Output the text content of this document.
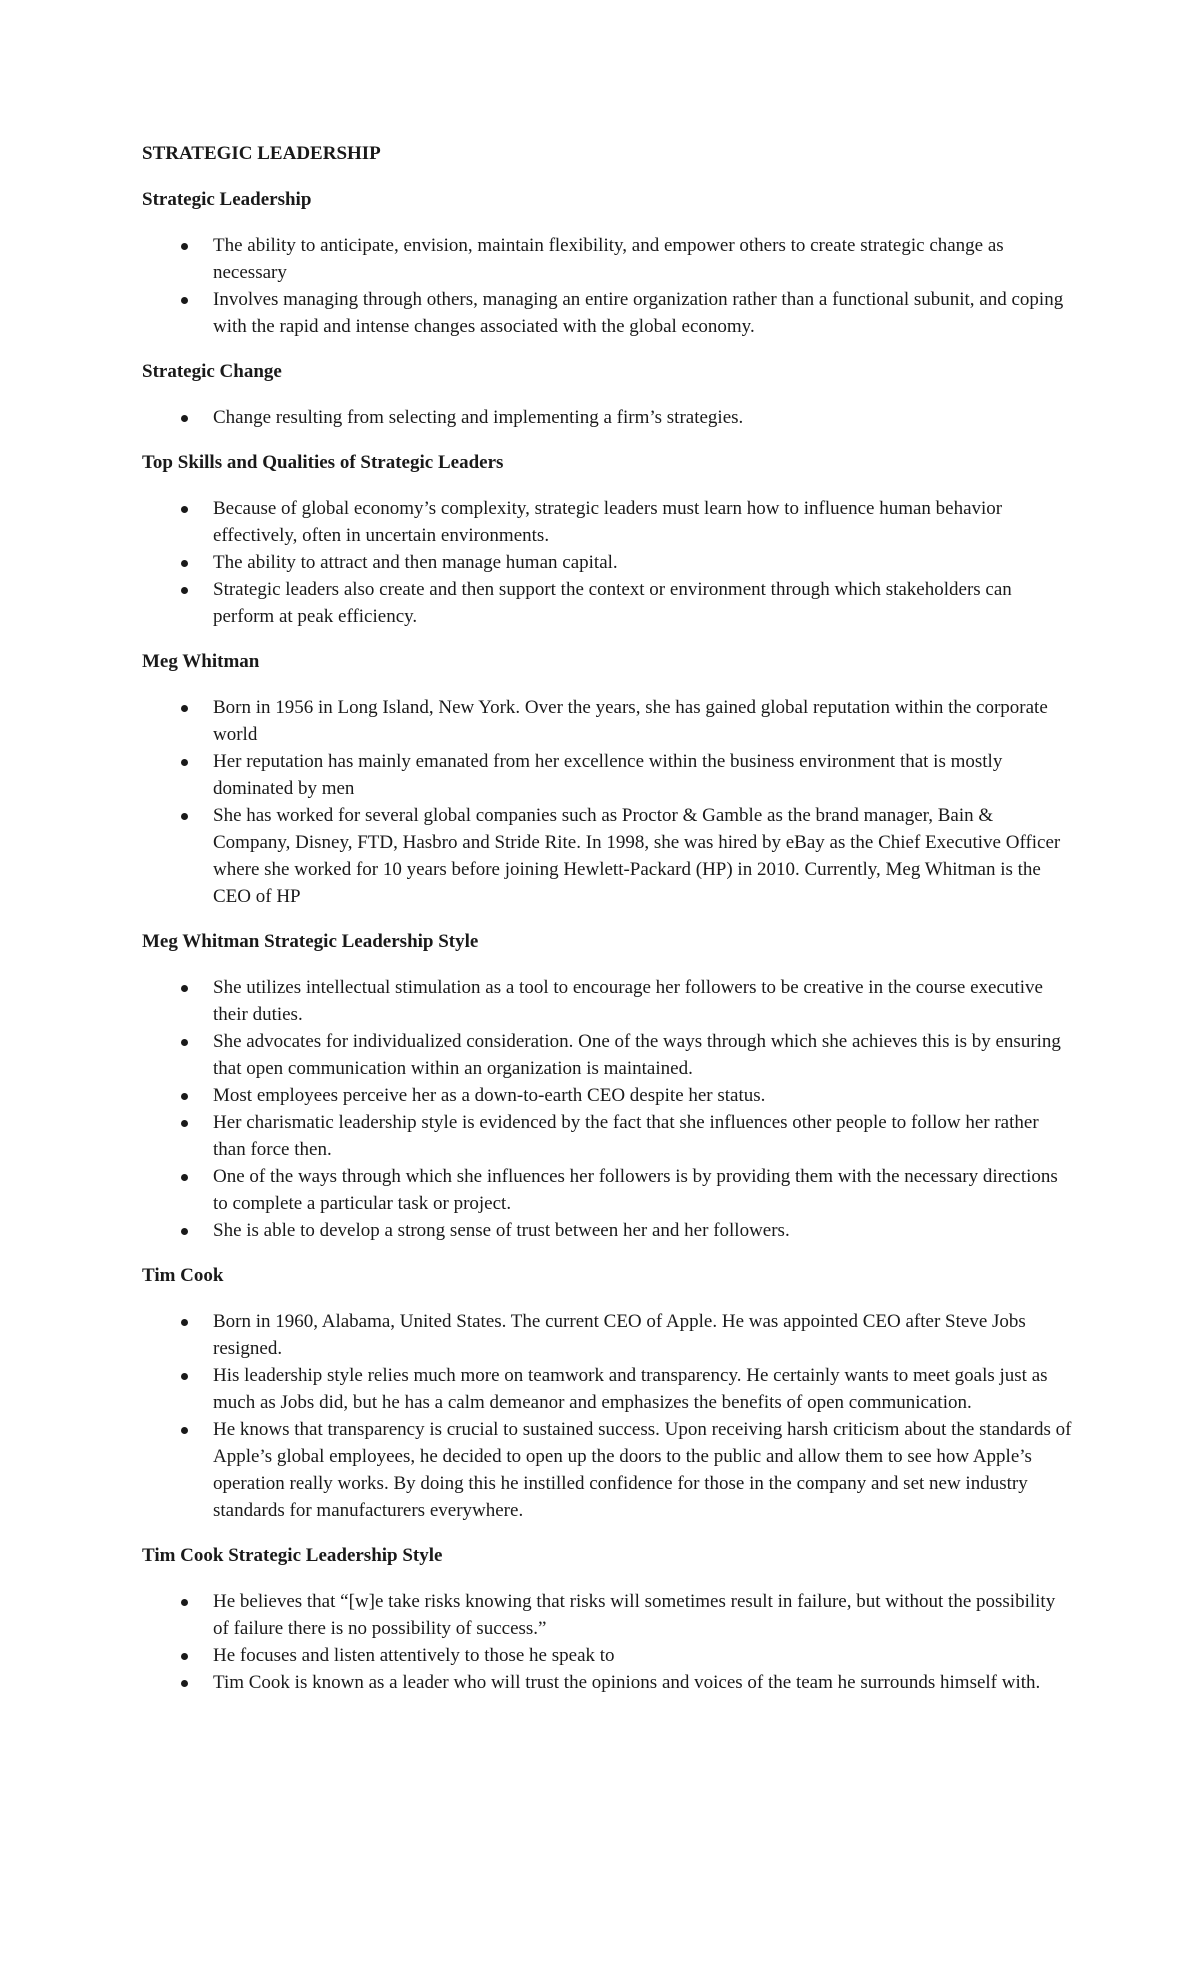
STRATEGIC LEADERSHIP
Strategic Leadership
The ability to anticipate, envision, maintain flexibility, and empower others to create strategic change as necessary
Involves managing through others, managing an entire organization rather than a functional subunit, and coping with the rapid and intense changes associated with the global economy.
Strategic Change
Change resulting from selecting and implementing a firm’s strategies.
Top Skills and Qualities of Strategic Leaders
Because of global economy’s complexity, strategic leaders must learn how to influence human behavior effectively, often in uncertain environments.
The ability to attract and then manage human capital.
Strategic leaders also create and then support the context or environment through which stakeholders can perform at peak efficiency.
Meg Whitman
Born in 1956 in Long Island, New York. Over the years, she has gained global reputation within the corporate world
Her reputation has mainly emanated from her excellence within the business environment that is mostly dominated by men
She has worked for several global companies such as Proctor & Gamble as the brand manager, Bain & Company, Disney, FTD, Hasbro and Stride Rite. In 1998, she was hired by eBay as the Chief Executive Officer where she worked for 10 years before joining Hewlett-Packard (HP) in 2010. Currently, Meg Whitman is the CEO of HP
Meg Whitman Strategic Leadership Style
She utilizes intellectual stimulation as a tool to encourage her followers to be creative in the course executive their duties.
She advocates for individualized consideration. One of the ways through which she achieves this is by ensuring that open communication within an organization is maintained.
Most employees perceive her as a down-to-earth CEO despite her status.
Her charismatic leadership style is evidenced by the fact that she influences other people to follow her rather than force then.
One of the ways through which she influences her followers is by providing them with the necessary directions to complete a particular task or project.
She is able to develop a strong sense of trust between her and her followers.
Tim Cook
Born in 1960, Alabama, United States. The current CEO of Apple. He was appointed CEO after Steve Jobs resigned.
His leadership style relies much more on teamwork and transparency. He certainly wants to meet goals just as much as Jobs did, but he has a calm demeanor and emphasizes the benefits of open communication.
He knows that transparency is crucial to sustained success. Upon receiving harsh criticism about the standards of Apple’s global employees, he decided to open up the doors to the public and allow them to see how Apple’s operation really works. By doing this he instilled confidence for those in the company and set new industry standards for manufacturers everywhere.
Tim Cook Strategic Leadership Style
He believes that “[w]e take risks knowing that risks will sometimes result in failure, but without the possibility of failure there is no possibility of success.”
He focuses and listen attentively to those he speak to
Tim Cook is known as a leader who will trust the opinions and voices of the team he surrounds himself with.
